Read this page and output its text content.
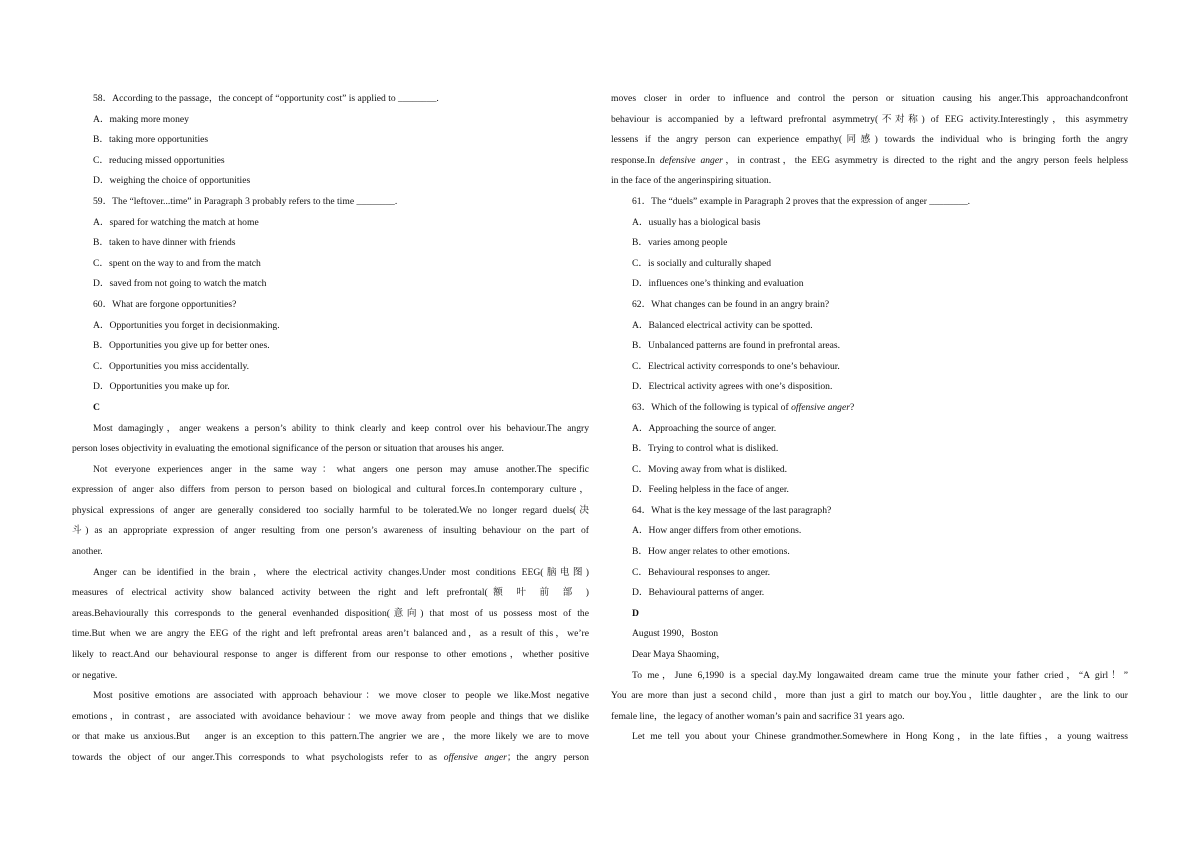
58．According to the passage，the concept of “opportunity cost” is applied to ________.
A．making more money
B．taking more opportunities
C．reducing missed opportunities
D．weighing the choice of opportunities
59．The “leftover...time” in Paragraph 3 probably refers to the time ________.
A．spared for watching the match at home
B．taken to have dinner with friends
C．spent on the way to and from the match
D．saved from not going to watch the match
60．What are forgone opportunities?
A．Opportunities you forget in decisionmaking.
B．Opportunities you give up for better ones.
C．Opportunities you miss accidentally.
D．Opportunities you make up for.
C
Most damagingly，anger weakens a person’s ability to think clearly and keep control over his behaviour.The angry
person loses objectivity in evaluating the emotional significance of the person or situation that arouses his anger.
Not everyone experiences anger in the same way：what angers one person may amuse another.The specific
expression of anger also differs from person to person based on biological and cultural forces.In contemporary culture，
physical expressions of anger are generally considered too socially harmful to be tolerated.We no longer regard duels(决
斗) as an appropriate expression of anger resulting from one person’s awareness of insulting behaviour on the part of
another.
Anger can be identified in the brain，where the electrical activity changes.Under most conditions EEG(脑电图)
measures of electrical activity show balanced activity between the right and left prefrontal(额 叶 前 部 )
areas.Behaviourally this corresponds to the general evenhanded disposition(意向) that most of us possess most of the
time.But when we are angry the EEG of the right and left prefrontal areas aren’t balanced and，as a result of this，we’re
likely to react.And our behavioural response to anger is different from our response to other emotions，whether positive
or negative.
Most positive emotions are associated with approach behaviour：we move closer to people we like.Most negative
emotions，in contrast，are associated with avoidance behaviour：we move away from people and things that we dislike
or that make us anxious.But　anger is an exception to this pattern.The angrier we are，the more likely we are to move
towards the object of our anger.This corresponds to what psychologists refer to as offensive anger；the angry person
moves closer in order to influence and control the person or situation causing his anger.This approachandconfront
behaviour is accompanied by a leftward prefrontal asymmetry(不对称) of EEG activity.Interestingly，this asymmetry
lessens if the angry person can experience empathy(同感) towards the individual who is bringing forth the angry
response.In defensive anger，in contrast，the EEG asymmetry is directed to the right and the angry person feels helpless
in the face of the angerinspiring situation.
61．The “duels” example in Paragraph 2 proves that the expression of anger ________.
A．usually has a biological basis
B．varies among people
C．is socially and culturally shaped
D．influences one’s thinking and evaluation
62．What changes can be found in an angry brain?
A．Balanced electrical activity can be spotted.
B．Unbalanced patterns are found in prefrontal areas.
C．Electrical activity corresponds to one’s behaviour.
D．Electrical activity agrees with one’s disposition.
63．Which of the following is typical of offensive anger?
A．Approaching the source of anger.
B．Trying to control what is disliked.
C．Moving away from what is disliked.
D．Feeling helpless in the face of anger.
64．What is the key message of the last paragraph?
A．How anger differs from other emotions.
B．How anger relates to other emotions.
C．Behavioural responses to anger.
D．Behavioural patterns of anger.
D
August 1990，Boston
Dear Maya Shaoming，
To me，June 6,1990 is a special day.My longawaited dream came true the minute your father cried，“A girl！”
You are more than just a second child，more than just a girl to match our boy.You，little daughter，are the link to our
female line，the legacy of another woman’s pain and sacrifice 31 years ago.
Let me tell you about your Chinese grandmother.Somewhere in Hong Kong，in the late fifties，a young waitress
